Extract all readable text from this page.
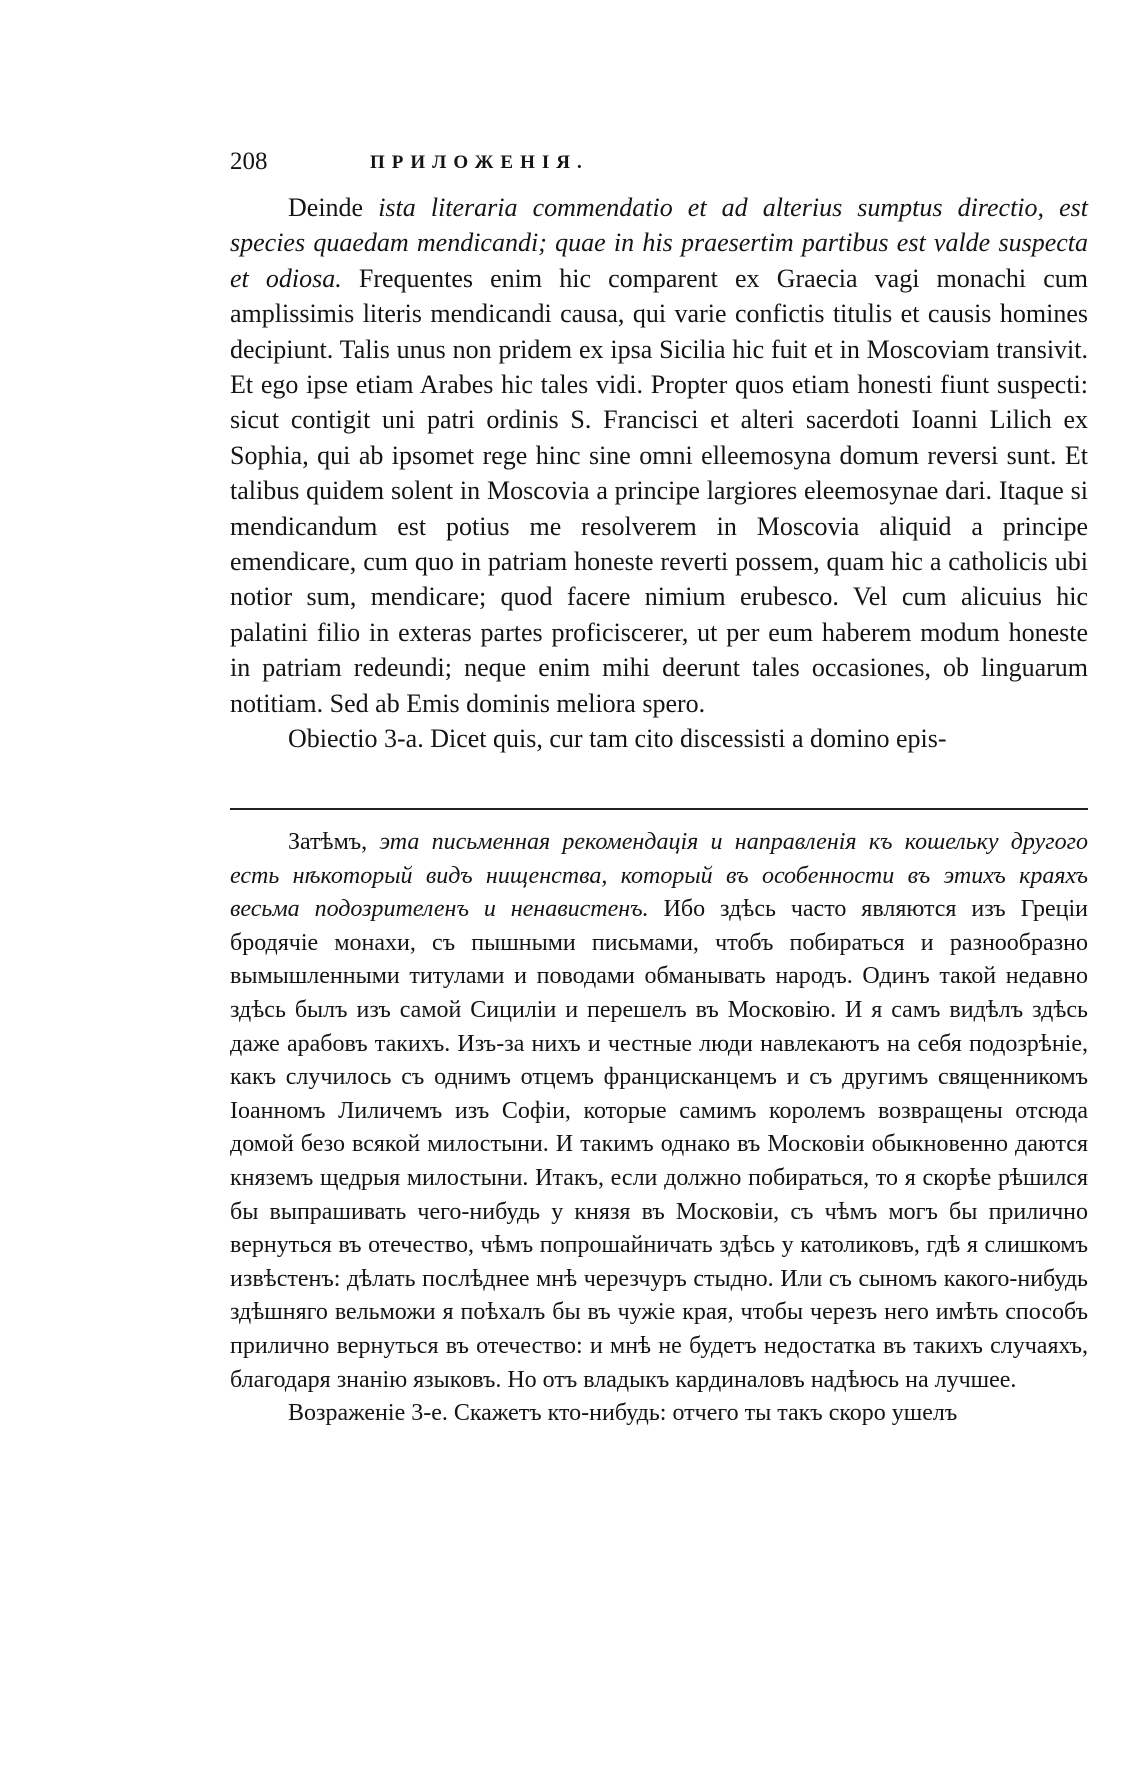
208	ПРИЛОЖЕНІЯ.

Deinde ista literaria commendatio et ad alterius sumptus directio, est species quaedam mendicandi; quae in his praesertim partibus est valde suspecta et odiosa. Frequentes enim hic comparent ex Graecia vagi monachi cum amplissimis literis mendicandi causa, qui varie confictis titulis et causis homines decipiunt. Talis unus non pridem ex ipsa Sicilia hic fuit et in Moscoviam transivit. Et ego ipse etiam Arabes hic tales vidi. Propter quos etiam honesti fiunt suspecti: sicut contigit uni patri ordinis S. Francisci et alteri sacerdoti Ioanni Lilich ex Sophia, qui ab ipsomet rege hinc sine omni elleemosyna domum reversi sunt. Et talibus quidem solent in Moscovia a principe largiores eleemosynae dari. Itaque si mendicandum est potius me resolverem in Moscovia aliquid a principe emendicare, cum quo in patriam honeste reverti possem, quam hic a catholicis ubi notior sum, mendicare; quod facere nimium erubesco. Vel cum alicuius hic palatini filio in exteras partes proficiscerer, ut per eum haberem modum honeste in patriam redeundi; neque enim mihi deerunt tales occasiones, ob linguarum notitiam. Sed ab Emis dominis meliora spero.

Obiectio 3-a. Dicet quis, cur tam cito discessisti a domino epis-

Затѣмъ, эта письменная рекомендація и направленія къ кошельку другого есть нѣкоторый видъ нищенства, который въ особенности въ этихъ краяхъ весьма подозрителенъ и ненавистенъ. Ибо здѣсь часто являются изъ Греціи бродячіе монахи, съ пышными письмами, чтобъ побираться и разнообразно вымышленными титулами и поводами обманывать народъ. Одинъ такой недавно здѣсь былъ изъ самой Сициліи и перешелъ въ Московію. И я самъ видѣлъ здѣсь даже арабовъ такихъ. Изъ-за нихъ и честные люди навлекаютъ на себя подозрѣніе, какъ случилось съ однимъ отцемъ францисканцемъ и съ другимъ священникомъ Іоанномъ Лиличемъ изъ Софіи, которые самимъ королемъ возвращены отсюда домой безо всякой милостыни. И такимъ однако въ Московіи обыкновенно даются княземъ щедрыя милостыни. Итакъ, если должно побираться, то я скорѣе рѣшился бы выпрашивать чего-нибудь у князя въ Московіи, съ чѣмъ могъ бы прилично вернуться въ отечество, чѣмъ попрошайничать здѣсь у католиковъ, гдѣ я слишкомъ извѣстенъ: дѣлать послѣднее мнѣ черезчуръ стыдно. Или съ сыномъ какого-нибудь здѣшняго вельможи я поѣхалъ бы въ чужіе края, чтобы черезъ него имѣть способъ прилично вернуться въ отечество: и мнѣ не будетъ недостатка въ такихъ случаяхъ, благодаря знанію языковъ. Но отъ владыкъ кардиналовъ надѣюсь на лучшее.

Возраженіе 3-е. Скажетъ кто-нибудь: отчего ты такъ скоро ушелъ
